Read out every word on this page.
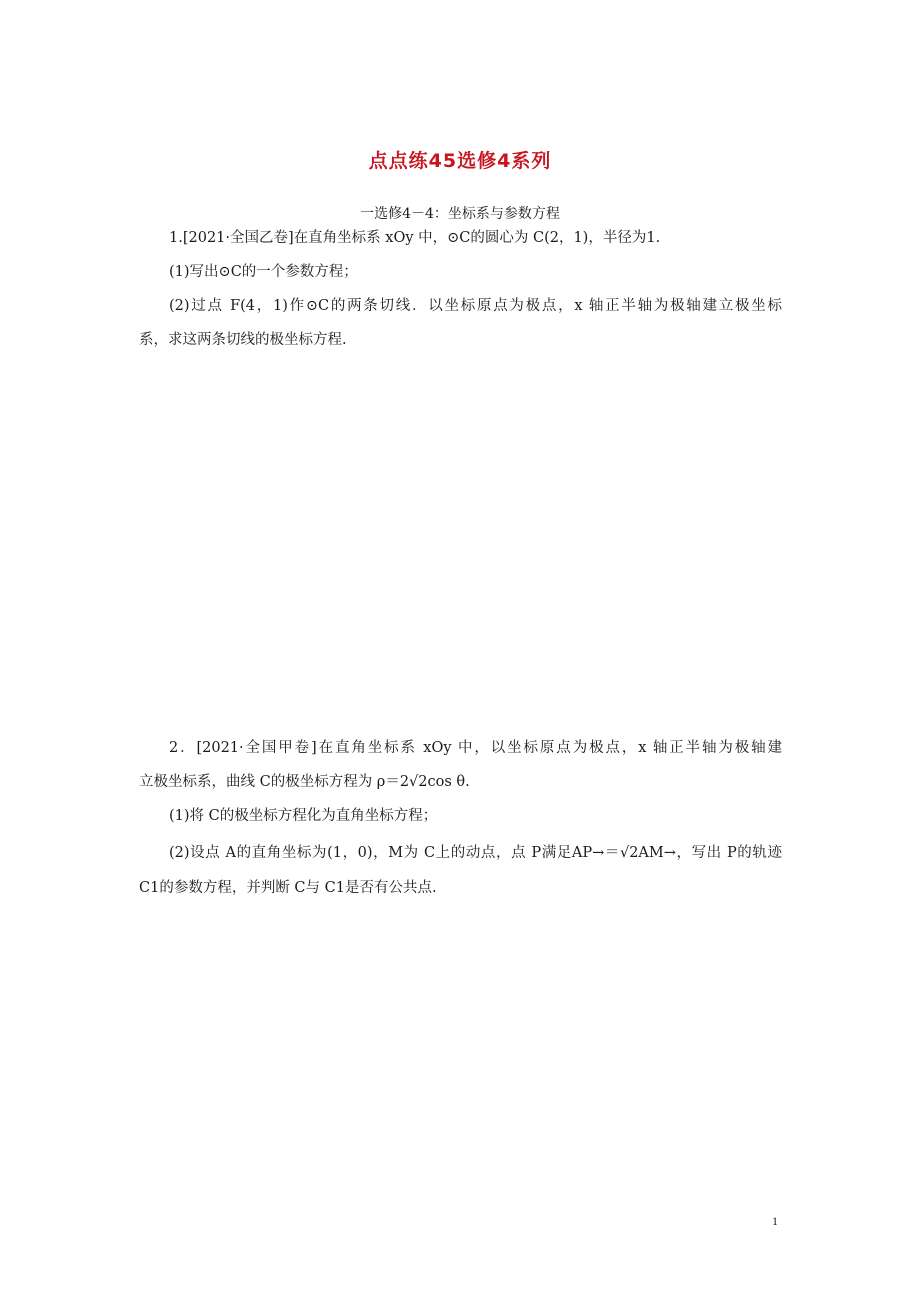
点点练45选修4系列
一选修4－4：坐标系与参数方程
1.[2021·全国乙卷]在直角坐标系 xOy 中，⊙C的圆心为 C(2，1)，半径为1.
(1)写出⊙C的一个参数方程；
(2)过点 F(4，1)作⊙C的两条切线．以坐标原点为极点，x 轴正半轴为极轴建立极坐标
系，求这两条切线的极坐标方程.
2．[2021·全国甲卷]在直角坐标系 xOy 中，以坐标原点为极点，x 轴正半轴为极轴建
立极坐标系，曲线 C的极坐标方程为 ρ＝2√2cos θ.
(1)将 C的极坐标方程化为直角坐标方程；
(2)设点 A的直角坐标为(1，0)，M为 C上的动点，点 P满足AP→＝√2AM→，写出 P的轨迹
C1的参数方程，并判断 C与 C1是否有公共点.
1
